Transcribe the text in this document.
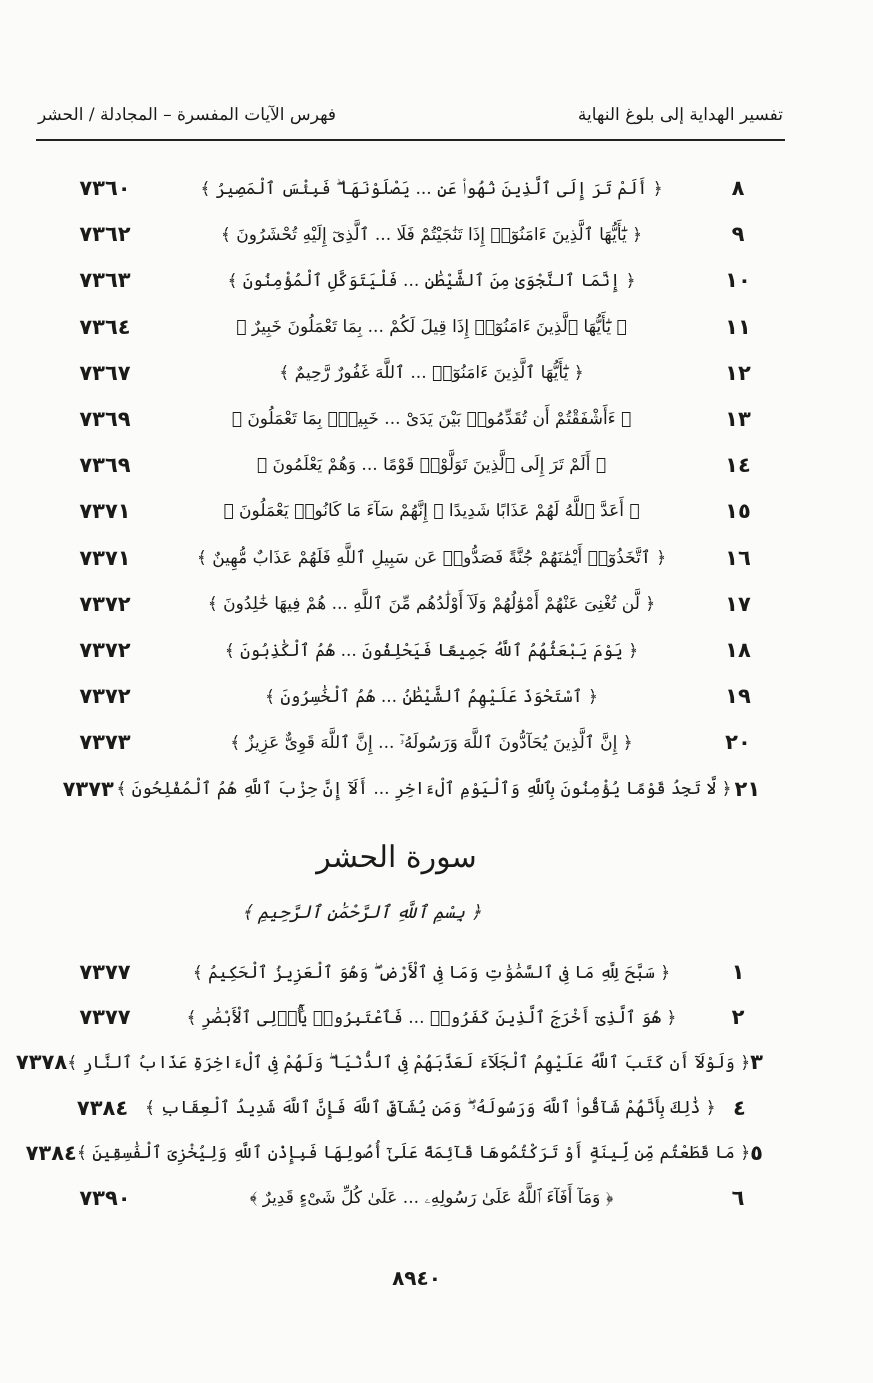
تفسير الهداية إلى بلوغ النهاية
فهرس الآيات المفسرة – المجادلة / الحشر
٨
﴿ أَلَمْ تَرَ إِلَى ٱلَّذِينَ نُهُوا۟ عَنِ ... يَصْلَوْنَهَا ۖ فَبِئْسَ ٱلْمَصِيرُ ﴾
٧٣٦٠
٩
﴿ يَٰٓأَيُّهَا ٱلَّذِينَ ءَامَنُوٓا۟ إِذَا تَنَٰجَيْتُمْ فَلَا ... ٱلَّذِىٓ إِلَيْهِ تُحْشَرُونَ ﴾
٧٣٦٢
١٠
﴿ إِنَّمَا ٱلنَّجْوَىٰ مِنَ ٱلشَّيْطَٰنِ ... فَلْيَتَوَكَّلِ ٱلْمُؤْمِنُونَ ﴾
٧٣٦٣
١١
﴿ يَٰٓأَيُّهَا ٱلَّذِينَ ءَامَنُوٓا۟ إِذَا قِيلَ لَكُمْ ... بِمَا تَعْمَلُونَ خَبِيرٌ ﴾
٧٣٦٤
١٢
﴿ يَٰٓأَيُّهَا ٱلَّذِينَ ءَامَنُوٓا۟ ... ٱللَّهَ غَفُورٌ رَّحِيمٌ ﴾
٧٣٦٧
١٣
﴿ ءَأَشْفَقْتُمْ أَن تُقَدِّمُوا۟ بَيْنَ يَدَىْ ... خَبِيرٌۢ بِمَا تَعْمَلُونَ ﴾
٧٣٦٩
١٤
﴿ أَلَمْ تَرَ إِلَى ٱلَّذِينَ تَوَلَّوْا۟ قَوْمًا ... وَهُمْ يَعْلَمُونَ ﴾
٧٣٦٩
١٥
﴿ أَعَدَّ ٱللَّهُ لَهُمْ عَذَابًا شَدِيدًا ۖ إِنَّهُمْ سَآءَ مَا كَانُوا۟ يَعْمَلُونَ ﴾
٧٣٧١
١٦
﴿ ٱتَّخَذُوٓا۟ أَيْمَٰنَهُمْ جُنَّةً فَصَدُّوا۟ عَن سَبِيلِ ٱللَّهِ فَلَهُمْ عَذَابٌ مُّهِينٌ ﴾
٧٣٧١
١٧
﴿ لَّن تُغْنِىَ عَنْهُمْ أَمْوَٰلُهُمْ وَلَآ أَوْلَٰدُهُم مِّنَ ٱللَّهِ ... هُمْ فِيهَا خَٰلِدُونَ ﴾
٧٣٧٢
١٨
﴿ يَوْمَ يَبْعَثُهُمُ ٱللَّهُ جَمِيعًا فَيَحْلِفُونَ ... هُمُ ٱلْكَٰذِبُونَ ﴾
٧٣٧٢
١٩
﴿ ٱسْتَحْوَذَ عَلَيْهِمُ ٱلشَّيْطَٰنُ ... هُمُ ٱلْخَٰسِرُونَ ﴾
٧٣٧٢
٢٠
﴿ إِنَّ ٱلَّذِينَ يُحَآدُّونَ ٱللَّهَ وَرَسُولَهُۥٓ ... إِنَّ ٱللَّهَ قَوِىٌّ عَزِيزٌ ﴾
٧٣٧٣
٢١
﴿ لَّا تَجِدُ قَوْمًا يُؤْمِنُونَ بِٱللَّهِ وَٱلْيَوْمِ ٱلْءَاخِرِ ... أَلَآ إِنَّ حِزْبَ ٱللَّهِ هُمُ ٱلْمُفْلِحُونَ ﴾
٧٣٧٣
سورة الحشر
﴿ بِسْمِ ٱللَّهِ ٱلرَّحْمَٰنِ ٱلرَّحِيمِ ﴾
١
﴿ سَبَّحَ لِلَّهِ مَا فِى ٱلسَّمَٰوَٰتِ وَمَا فِى ٱلْأَرْضِ ۖ وَهُوَ ٱلْعَزِيزُ ٱلْحَكِيمُ ﴾
٧٣٧٧
٢
﴿ هُوَ ٱلَّذِىٓ أَخْرَجَ ٱلَّذِينَ كَفَرُوا۟ ... فَٱعْتَبِرُوا۟ يَٰٓأُو۟لِى ٱلْأَبْصَٰرِ ﴾
٧٣٧٧
٣
﴿ وَلَوْلَآ أَن كَتَبَ ٱللَّهُ عَلَيْهِمُ ٱلْجَلَآءَ لَعَذَّبَهُمْ فِى ٱلدُّنْيَا ۖ وَلَهُمْ فِى ٱلْءَاخِرَةِ عَذَابُ ٱلنَّارِ ﴾
٧٣٧٨
٤
﴿ ذَٰلِكَ بِأَنَّهُمْ شَآقُّوا۟ ٱللَّهَ وَرَسُولَهُۥ ۖ وَمَن يُشَآقِّ ٱللَّهَ فَإِنَّ ٱللَّهَ شَدِيدُ ٱلْعِقَابِ ﴾
٧٣٨٤
٥
﴿ مَا قَطَعْتُم مِّن لِّينَةٍ أَوْ تَرَكْتُمُوهَا قَآئِمَةً عَلَىٰٓ أُصُولِهَا فَبِإِذْنِ ٱللَّهِ وَلِيُخْزِىَ ٱلْفَٰسِقِينَ ﴾
٧٣٨٤
٦
﴿ وَمَآ أَفَآءَ ٱللَّهُ عَلَىٰ رَسُولِهِۦ ... عَلَىٰ كُلِّ شَىْءٍ قَدِيرٌ ﴾
٧٣٩٠
٨٩٤٠
